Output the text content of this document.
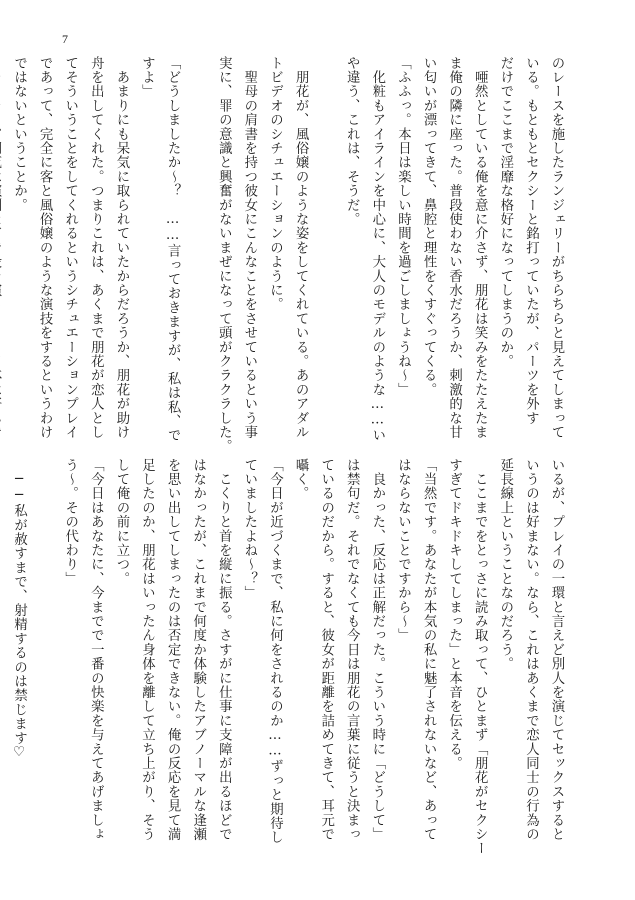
7
のレースを施したランジェリーがちらちらと見えてしまって
いる。もともとセクシーと銘打っていたが、パーツを外す
だけでここまで淫靡な格好になってしまうのか。
　唖然としている俺を意に介さず、朋花は笑みをたたえたま
ま俺の隣に座った。普段使わない香水だろうか、刺激的な甘
い匂いが漂ってきて、鼻腔と理性をくすぐってくる。
「ふふっ。本日は楽しい時間を過ごしましょうね〜」
　化粧もアイラインを中心に、大人のモデルのような……い
や違う、これは、そうだ。

　朋花が、風俗嬢のような姿をしてくれている。あのアダル
トビデオのシチュエーションのように。
　聖母の肩書を持つ彼女にこんなことをさせているという事
実に、罪の意識と興奮がないまぜになって頭がクラクラした。

「どうしましたか〜？　……言っておきますが、私は私、で
すよ」
　あまりにも呆気に取られていたからだろうか、朋花が助け
舟を出してくれた。つまりこれは、あくまで朋花が恋人とし
てそういうことをしてくれるというシチュエーションプレイ
であって、完全に客と風俗嬢のような演技をするというわけ
ではないということか。
いるが、プレイの一環と言えど別人を演じてセックスすると
いうのは好まない。なら、これはあくまで恋人同士の行為の
延長線上ということなのだろう。
　ここまでをとっさに読み取って、ひとまず「朋花がセクシー
すぎてドキドキしてしまった」と本音を伝える。
「当然です。あなたが本気の私に魅了されないなど、あって
はならないことですから〜」
　良かった、反応は正解だった。こういう時に「どうして」
は禁句だ。それでなくても今日は朋花の言葉に従うと決まっ
ているのだから。すると、彼女が距離を詰めてきて、耳元で
囁く。
「今日が近づくまで、私に何をされるのか……ずっと期待し
ていましたよね〜？」
　こくりと首を縦に振る。さすがに仕事に支障が出るほどで
はなかったが、これまで何度か体験したアブノーマルな逢瀬
を思い出してしまったのは否定できない。俺の反応を見て満
足したのか、朋花はいったん身体を離して立ち上がり、そう
して俺の前に立つ。
「今日はあなたに、今までで一番の快楽を与えてあげましょ
う〜。その代わり」

　──私が赦すまで、射精するのは禁じます♡
